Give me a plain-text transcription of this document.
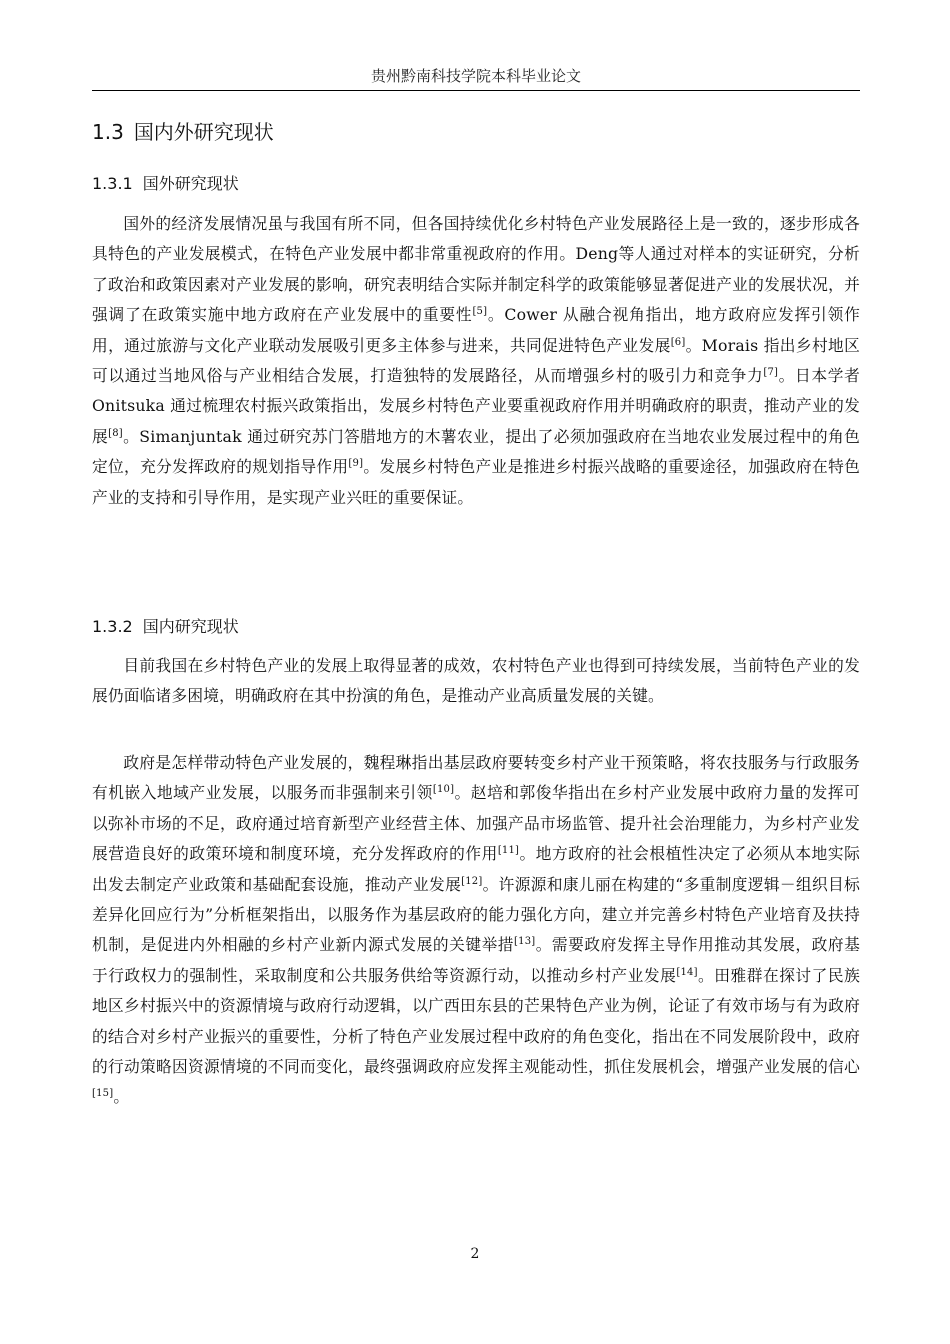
贵州黔南科技学院本科毕业论文
1.3 国内外研究现状
1.3.1 国外研究现状

国外的经济发展情况虽与我国有所不同，但各国持续优化乡村特色产业发展路径上是一致的，逐步形成各具特色的产业发展模式，在特色产业发展中都非常重视政府的作用。Deng等人通过对样本的实证研究，分析了政治和政策因素对产业发展的影响，研究表明结合实际并制定科学的政策能够显著促进产业的发展状况，并强调了在政策实施中地方政府在产业发展中的重要性[5]。Cower 从融合视角指出，地方政府应发挥引领作用，通过旅游与文化产业联动发展吸引更多主体参与进来，共同促进特色产业发展[6]。Morais 指出乡村地区可以通过当地风俗与产业相结合发展，打造独特的发展路径，从而增强乡村的吸引力和竞争力[7]。日本学者 Onitsuka 通过梳理农村振兴政策指出，发展乡村特色产业要重视政府作用并明确政府的职责，推动产业的发展[8]。Simanjuntak 通过研究苏门答腊地方的木薯农业，提出了必须加强政府在当地农业发展过程中的角色定位，充分发挥政府的规划指导作用[9]。发展乡村特色产业是推进乡村振兴战略的重要途径，加强政府在特色产业的支持和引导作用，是实现产业兴旺的重要保证。

1.3.2 国内研究现状

目前我国在乡村特色产业的发展上取得显著的成效，农村特色产业也得到可持续发展，当前特色产业的发展仍面临诸多困境，明确政府在其中扮演的角色，是推动产业高质量发展的关键。

政府是怎样带动特色产业发展的，魏程琳指出基层政府要转变乡村产业干预策略，将农技服务与行政服务有机嵌入地域产业发展，以服务而非强制来引领[10]。赵培和郭俊华指出在乡村产业发展中政府力量的发挥可以弥补市场的不足，政府通过培育新型产业经营主体、加强产品市场监管、提升社会治理能力，为乡村产业发展营造良好的政策环境和制度环境，充分发挥政府的作用[11]。地方政府的社会根植性决定了必须从本地实际出发去制定产业政策和基础配套设施，推动产业发展[12]。许源源和康儿丽在构建的“多重制度逻辑－组织目标差异化回应行为”分析框架指出，以服务作为基层政府的能力强化方向，建立并完善乡村特色产业培育及扶持机制，是促进内外相融的乡村产业新内源式发展的关键举措[13]。需要政府发挥主导作用推动其发展，政府基于行政权力的强制性，采取制度和公共服务供给等资源行动，以推动乡村产业发展[14]。田雅群在探讨了民族地区乡村振兴中的资源情境与政府行动逻辑，以广西田东县的芒果特色产业为例，论证了有效市场与有为政府的结合对乡村产业振兴的重要性，分析了特色产业发展过程中政府的角色变化，指出在不同发展阶段中，政府的行动策略因资源情境的不同而变化，最终强调政府应发挥主观能动性，抓住发展机会，增强产业发展的信心[15]。

2
